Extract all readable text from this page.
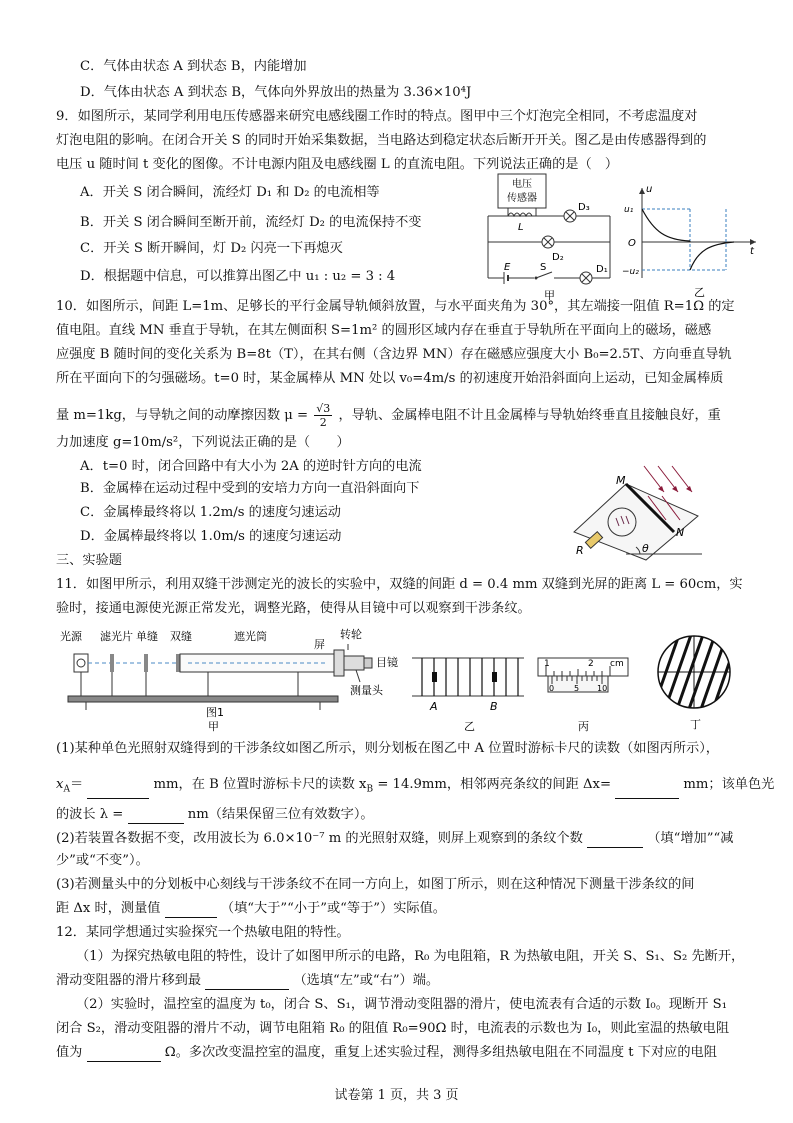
C．气体由状态 A 到状态 B，内能增加
D．气体由状态 A 到状态 B，气体向外界放出的热量为 3.36×10⁴J
9．如图所示，某同学利用电压传感器来研究电感线圈工作时的特点。图甲中三个灯泡完全相同，不考虑温度对
灯泡电阻的影响。在闭合开关 S 的同时开始采集数据，当电路达到稳定状态后断开开关。图乙是由传感器得到的
电压 u 随时间 t 变化的图像。不计电源内阻及电感线圈 L 的直流电阻。下列说法正确的是（　）
A．开关 S 闭合瞬间，流经灯 D₁ 和 D₂ 的电流相等
B．开关 S 闭合瞬间至断开前，流经灯 D₂ 的电流保持不变
C．开关 S 断开瞬间，灯 D₂ 闪亮一下再熄灭
D．根据题中信息，可以推算出图乙中 u₁ : u₂ = 3 : 4
电压
传感器
L
D₃
D₂
E	S	D₁
甲
u
t
O
u₁
−u₂
乙
10．如图所示，间距 L=1m、足够长的平行金属导轨倾斜放置，与水平面夹角为 30°，其左端接一阻值 R=1Ω 的定
值电阻。直线 MN 垂直于导轨，在其左侧面积 S=1m² 的圆形区域内存在垂直于导轨所在平面向上的磁场，磁感
应强度 B 随时间的变化关系为 B=8t（T），在其右侧（含边界 MN）存在磁感应强度大小 B₀=2.5T、方向垂直导轨
所在平面向下的匀强磁场。t=0 时，某金属棒从 MN 处以 v₀=4m/s 的初速度开始沿斜面向上运动，已知金属棒质
量 m=1kg，与导轨之间的动摩擦因数 $\mu = \frac{√3}{2}$ ，导轨、金属棒电阻不计且金属棒与导轨始终垂直且接触良好，重
力加速度 g=10m/s²，下列说法正确的是（　　）
A．t=0 时，闭合回路中有大小为 2A 的逆时针方向的电流
B．金属棒在运动过程中受到的安培力方向一直沿斜面向下
C．金属棒最终将以 1.2m/s 的速度匀速运动
D．金属棒最终将以 1.0m/s 的速度匀速运动
M
N
R	θ
三、实验题
11．如图甲所示，利用双缝干涉测定光的波长的实验中，双缝的间距 d = 0.4 mm 双缝到光屏的距离 L = 60cm，实
验时，接通电源使光源正常发光，调整光路，使得从目镜中可以观察到干涉条纹。
光源 滤光片 单缝 双缝	遮光筒
屏
转轮
目镜
测量头
图1
甲
A	B
乙
1	2 cm
0 5 10
丙	丁
(1)某种单色光照射双缝得到的干涉条纹如图乙所示，则分划板在图乙中 A 位置时游标卡尺的读数（如图丙所示），
$x_A=$	mm，在 B 位置时游标卡尺的读数 $x_B = 14.9mm$，相邻两亮条纹的间距 Δx=	mm；该单色光
的波长 λ =	nm（结果保留三位有效数字）。
(2)若装置各数据不变，改用波长为 6.0×10⁻⁷ m 的光照射双缝，则屏上观察到的条纹个数	（填“增加”“减
少”或“不变”）。
(3)若测量头中的分划板中心刻线与干涉条纹不在同一方向上，如图丁所示，则在这种情况下测量干涉条纹的间
距 Δx 时，测量值	（填“大于”“小于”或“等于”）实际值。
12．某同学想通过实验探究一个热敏电阻的特性。
（1）为探究热敏电阻的特性，设计了如图甲所示的电路，R₀ 为电阻箱，R 为热敏电阻，开关 S、S₁、S₂ 先断开，
滑动变阻器的滑片移到最	（选填“左”或“右”）端。
（2）实验时，温控室的温度为 t₀，闭合 S、S₁，调节滑动变阻器的滑片，使电流表有合适的示数 I₀。现断开 S₁
闭合 S₂，滑动变阻器的滑片不动，调节电阻箱 R₀ 的阻值 R₀=90Ω 时，电流表的示数也为 I₀，则此室温的热敏电阻
值为	Ω。多次改变温控室的温度，重复上述实验过程，测得多组热敏电阻在不同温度 t 下对应的电阻
试卷第 1 页，共 3 页
